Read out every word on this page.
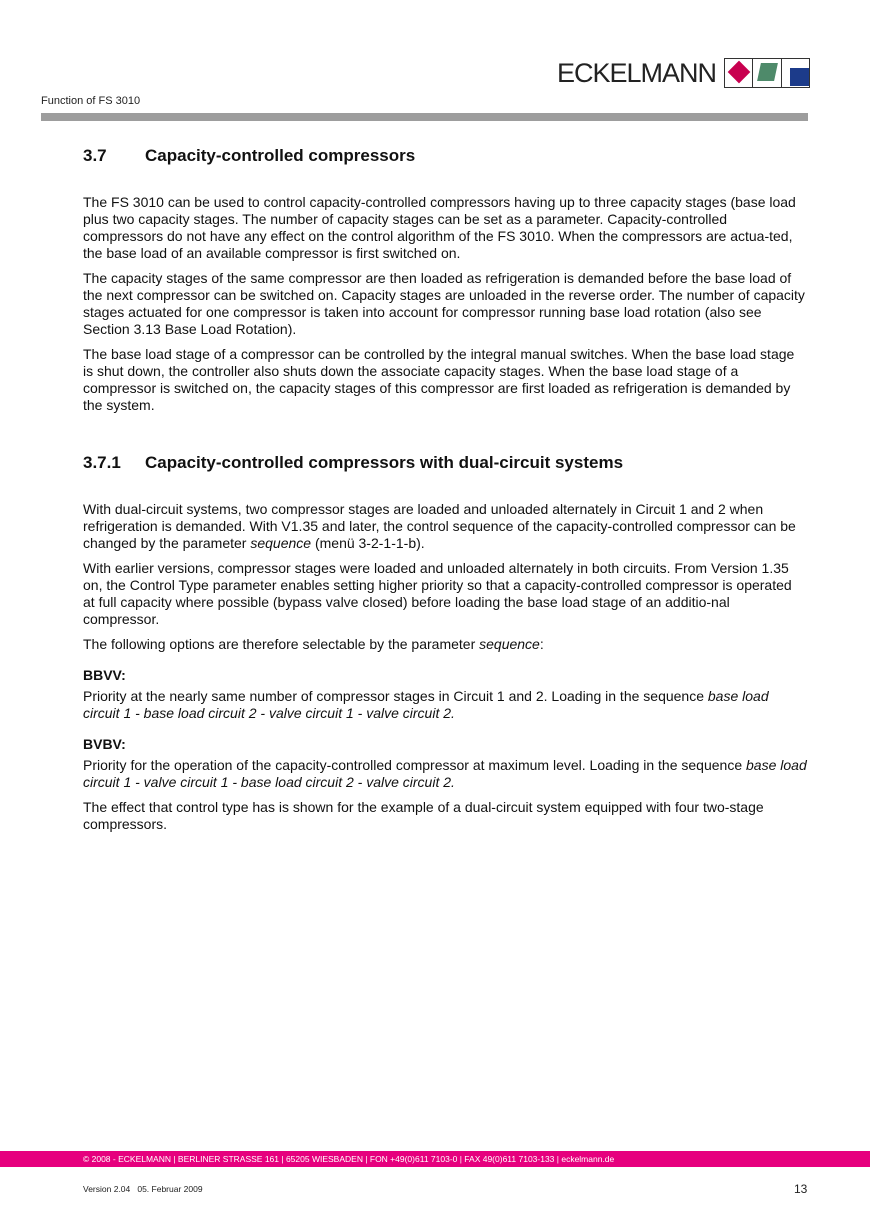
ECKELMANN
Function of FS 3010
3.7 Capacity-controlled compressors

The FS 3010 can be used to control capacity-controlled compressors having up to three capacity stages (base load plus two capacity stages. The number of capacity stages can be set as a parameter. Capacity-controlled compressors do not have any effect on the control algorithm of the FS 3010. When the compressors are actua-ted, the base load of an available compressor is first switched on.

The capacity stages of the same compressor are then loaded as refrigeration is demanded before the base load of the next compressor can be switched on. Capacity stages are unloaded in the reverse order. The number of capacity stages actuated for one compressor is taken into account for compressor running base load rotation (also see Section 3.13 Base Load Rotation).

The base load stage of a compressor can be controlled by the integral manual switches. When the base load stage is shut down, the controller also shuts down the associate capacity stages. When the base load stage of a compressor is switched on, the capacity stages of this compressor are first loaded as refrigeration is demanded by the system.

3.7.1 Capacity-controlled compressors with dual-circuit systems

With dual-circuit systems, two compressor stages are loaded and unloaded alternately in Circuit 1 and 2 when refrigeration is demanded. With V1.35 and later, the control sequence of the capacity-controlled compressor can be changed by the parameter sequence (menü 3-2-1-1-b).

With earlier versions, compressor stages were loaded and unloaded alternately in both circuits. From Version 1.35 on, the Control Type parameter enables setting higher priority so that a capacity-controlled compressor is operated at full capacity where possible (bypass valve closed) before loading the base load stage of an additio-nal compressor.

The following options are therefore selectable by the parameter sequence:

BBVV:

Priority at the nearly same number of compressor stages in Circuit 1 and 2. Loading in the sequence base load circuit 1 - base load circuit 2 - valve circuit 1 - valve circuit 2.

BVBV:

Priority for the operation of the capacity-controlled compressor at maximum level. Loading in the sequence base load circuit 1 - valve circuit 1 - base load circuit 2 - valve circuit 2.

The effect that control type has is shown for the example of a dual-circuit system equipped with four two-stage compressors.

© 2008 - ECKELMANN | BERLINER STRASSE 161 | 65205 WIESBADEN | FON +49(0)611 7103-0 | FAX 49(0)611 7103-133 | eckelmann.de
Version 2.04   05. Februar 2009	13
